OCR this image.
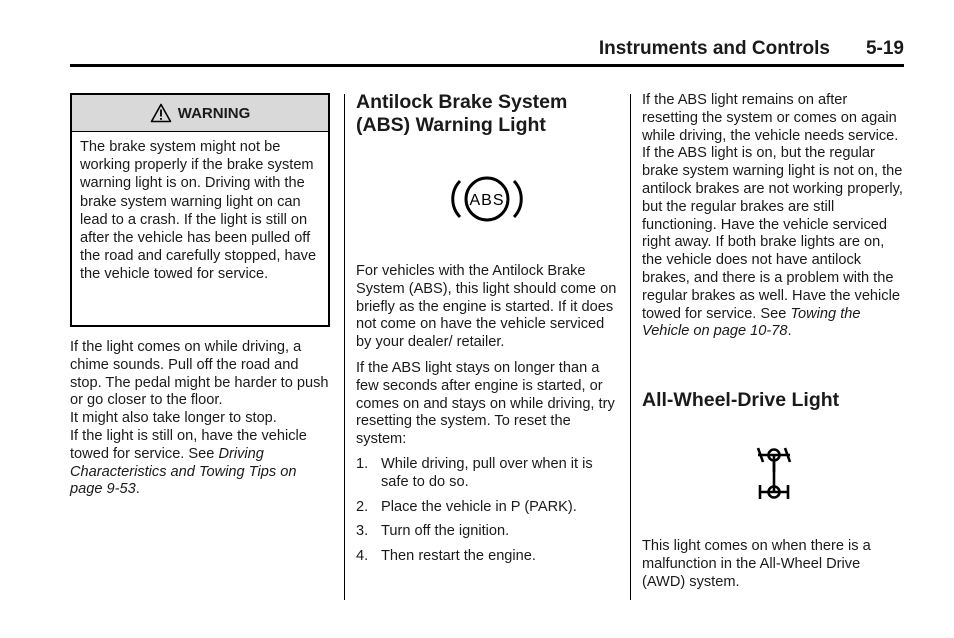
Instruments and Controls 5-19
WARNING
The brake system might not be working properly if the brake system warning light is on. Driving with the brake system warning light on can lead to a crash. If the light is still on after the vehicle has been pulled off the road and carefully stopped, have the vehicle towed for service.

If the light comes on while driving, a chime sounds. Pull off the road and stop. The pedal might be harder to push or go closer to the floor.

It might also take longer to stop.

If the light is still on, have the vehicle towed for service. See Driving Characteristics and Towing Tips on page 9-53.

Antilock Brake System (ABS) Warning Light
ABS

For vehicles with the Antilock Brake System (ABS), this light should come on briefly as the engine is started. If it does not come on have the vehicle serviced by your dealer/ retailer.

If the ABS light stays on longer than a few seconds after engine is started, or comes on and stays on while driving, try resetting the system. To reset the system:

1. While driving, pull over when it is safe to do so.
2. Place the vehicle in P (PARK).
3. Turn off the ignition.
4. Then restart the engine.

If the ABS light remains on after resetting the system or comes on again while driving, the vehicle needs service. If the ABS light is on, but the regular brake system warning light is not on, the antilock brakes are not working properly, but the regular brakes are still functioning. Have the vehicle serviced right away. If both brake lights are on, the vehicle does not have antilock brakes, and there is a problem with the regular brakes as well. Have the vehicle towed for service. See Towing the Vehicle on page 10-78.

All-Wheel-Drive Light

This light comes on when there is a malfunction in the All-Wheel Drive (AWD) system.
